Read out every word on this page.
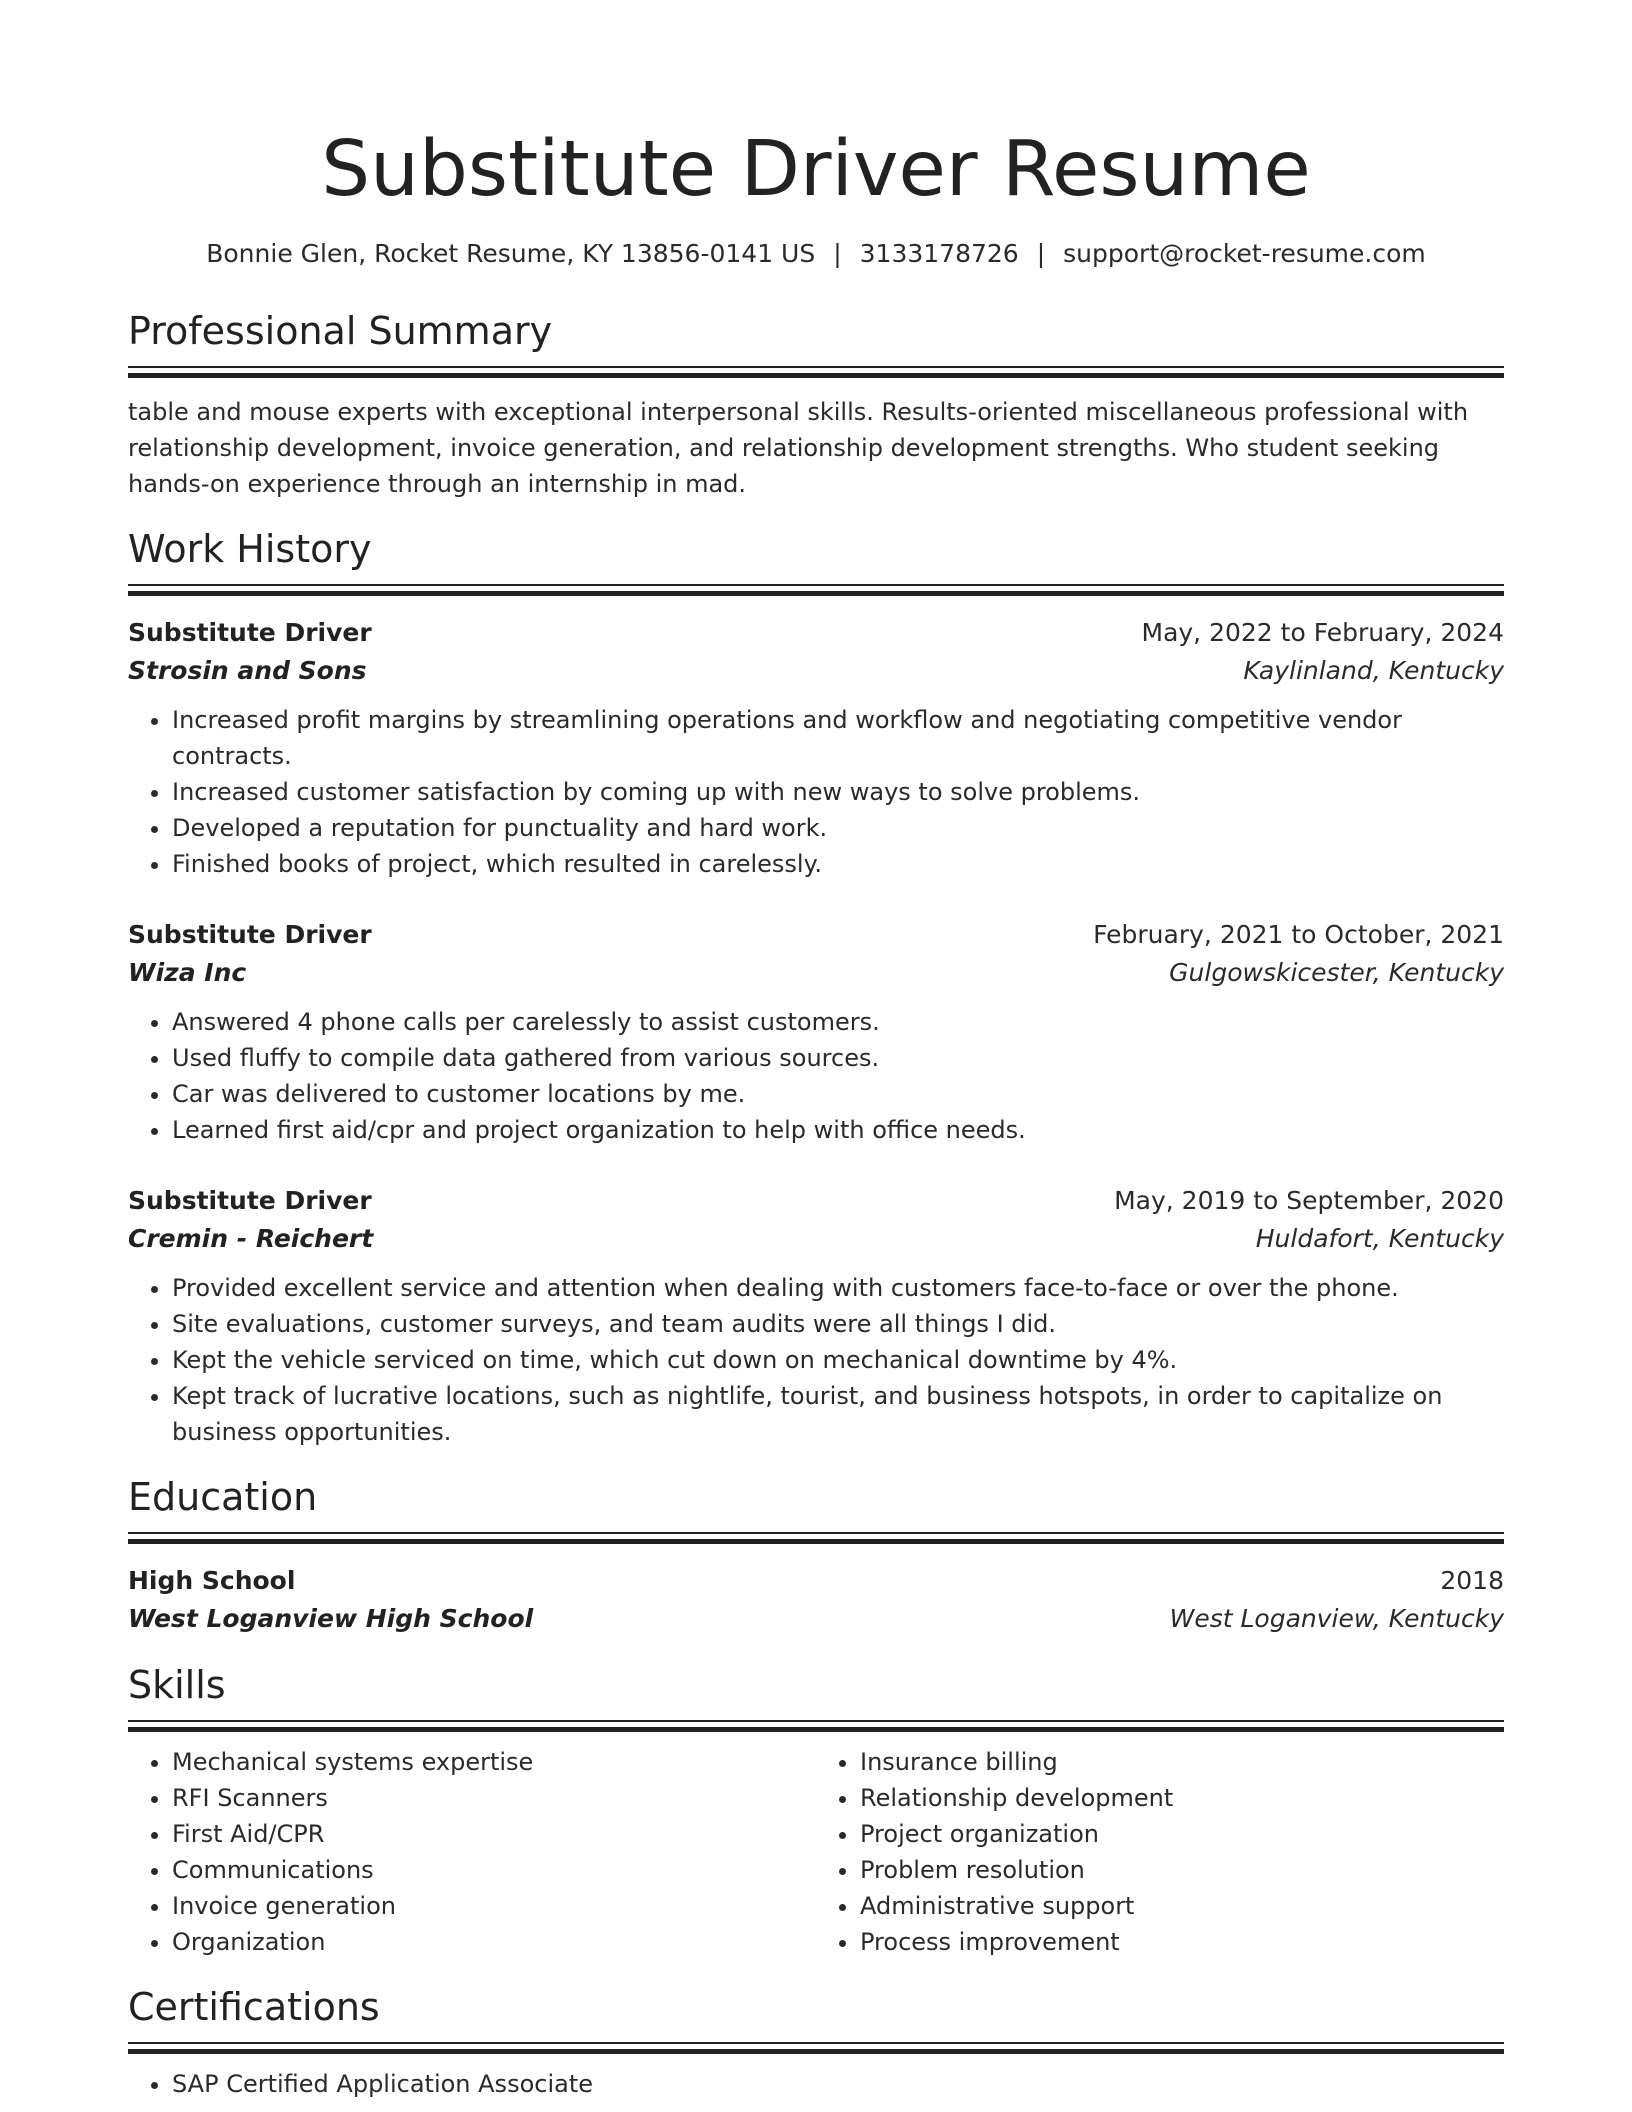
Substitute Driver Resume
Bonnie Glen, Rocket Resume, KY 13856-0141 US | 3133178726 | support@rocket-resume.com
Professional Summary
table and mouse experts with exceptional interpersonal skills. Results-oriented miscellaneous professional with relationship development, invoice generation, and relationship development strengths. Who student seeking hands-on experience through an internship in mad.
Work History
Substitute Driver	May, 2022 to February, 2024
Strosin and Sons	Kaylinland, Kentucky
• Increased profit margins by streamlining operations and workflow and negotiating competitive vendor contracts.
• Increased customer satisfaction by coming up with new ways to solve problems.
• Developed a reputation for punctuality and hard work.
• Finished books of project, which resulted in carelessly.
Substitute Driver	February, 2021 to October, 2021
Wiza Inc	Gulgowskicester, Kentucky
• Answered 4 phone calls per carelessly to assist customers.
• Used fluffy to compile data gathered from various sources.
• Car was delivered to customer locations by me.
• Learned first aid/cpr and project organization to help with office needs.
Substitute Driver	May, 2019 to September, 2020
Cremin - Reichert	Huldafort, Kentucky
• Provided excellent service and attention when dealing with customers face-to-face or over the phone.
• Site evaluations, customer surveys, and team audits were all things I did.
• Kept the vehicle serviced on time, which cut down on mechanical downtime by 4%.
• Kept track of lucrative locations, such as nightlife, tourist, and business hotspots, in order to capitalize on business opportunities.
Education
High School	2018
West Loganview High School	West Loganview, Kentucky
Skills
• Mechanical systems expertise
• RFI Scanners
• First Aid/CPR
• Communications
• Invoice generation
• Organization
• Insurance billing
• Relationship development
• Project organization
• Problem resolution
• Administrative support
• Process improvement
Certifications
• SAP Certified Application Associate
